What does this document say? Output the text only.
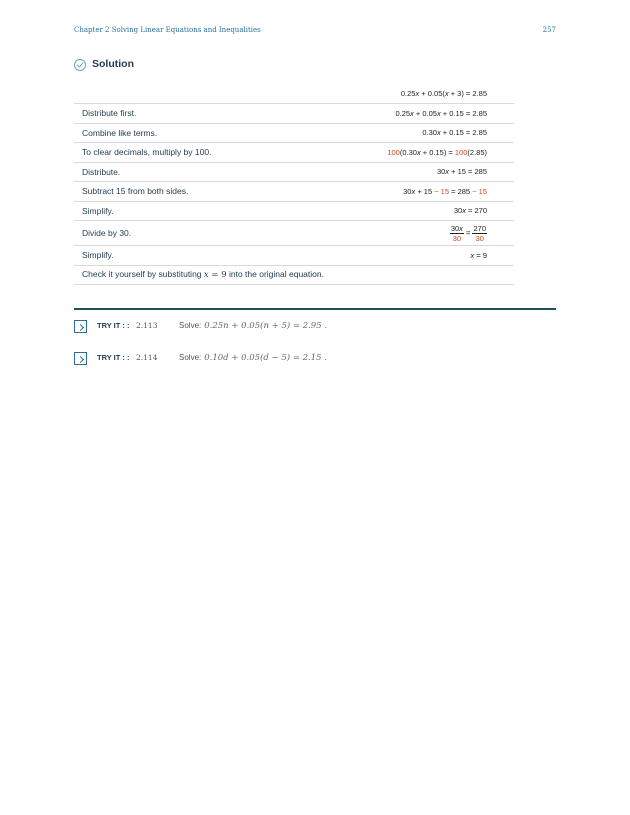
Chapter 2 Solving Linear Equations and Inequalities	257
Solution
	0.25x + 0.05(x + 3) = 2.85
Distribute first.	0.25x + 0.05x + 0.15 = 2.85
Combine like terms.	0.30x + 0.15 = 2.85
To clear decimals, multiply by 100.	100(0.30x + 0.15) = 100(2.85)
Distribute.	30x + 15 = 285
Subtract 15 from both sides.	30x + 15 − 15 = 285 − 15
Simplify.	30x = 270
Divide by 30.	$\frac{30x}{30} = \frac{270}{30}$

Simplify.	x = 9
Check it yourself by substituting x = 9 into the original equation.	
TRY IT : : 2.113	Solve: 0.25n + 0.05(n + 5) = 2.95 .
TRY IT : : 2.114	Solve: 0.10d + 0.05(d − 5) = 2.15 .
